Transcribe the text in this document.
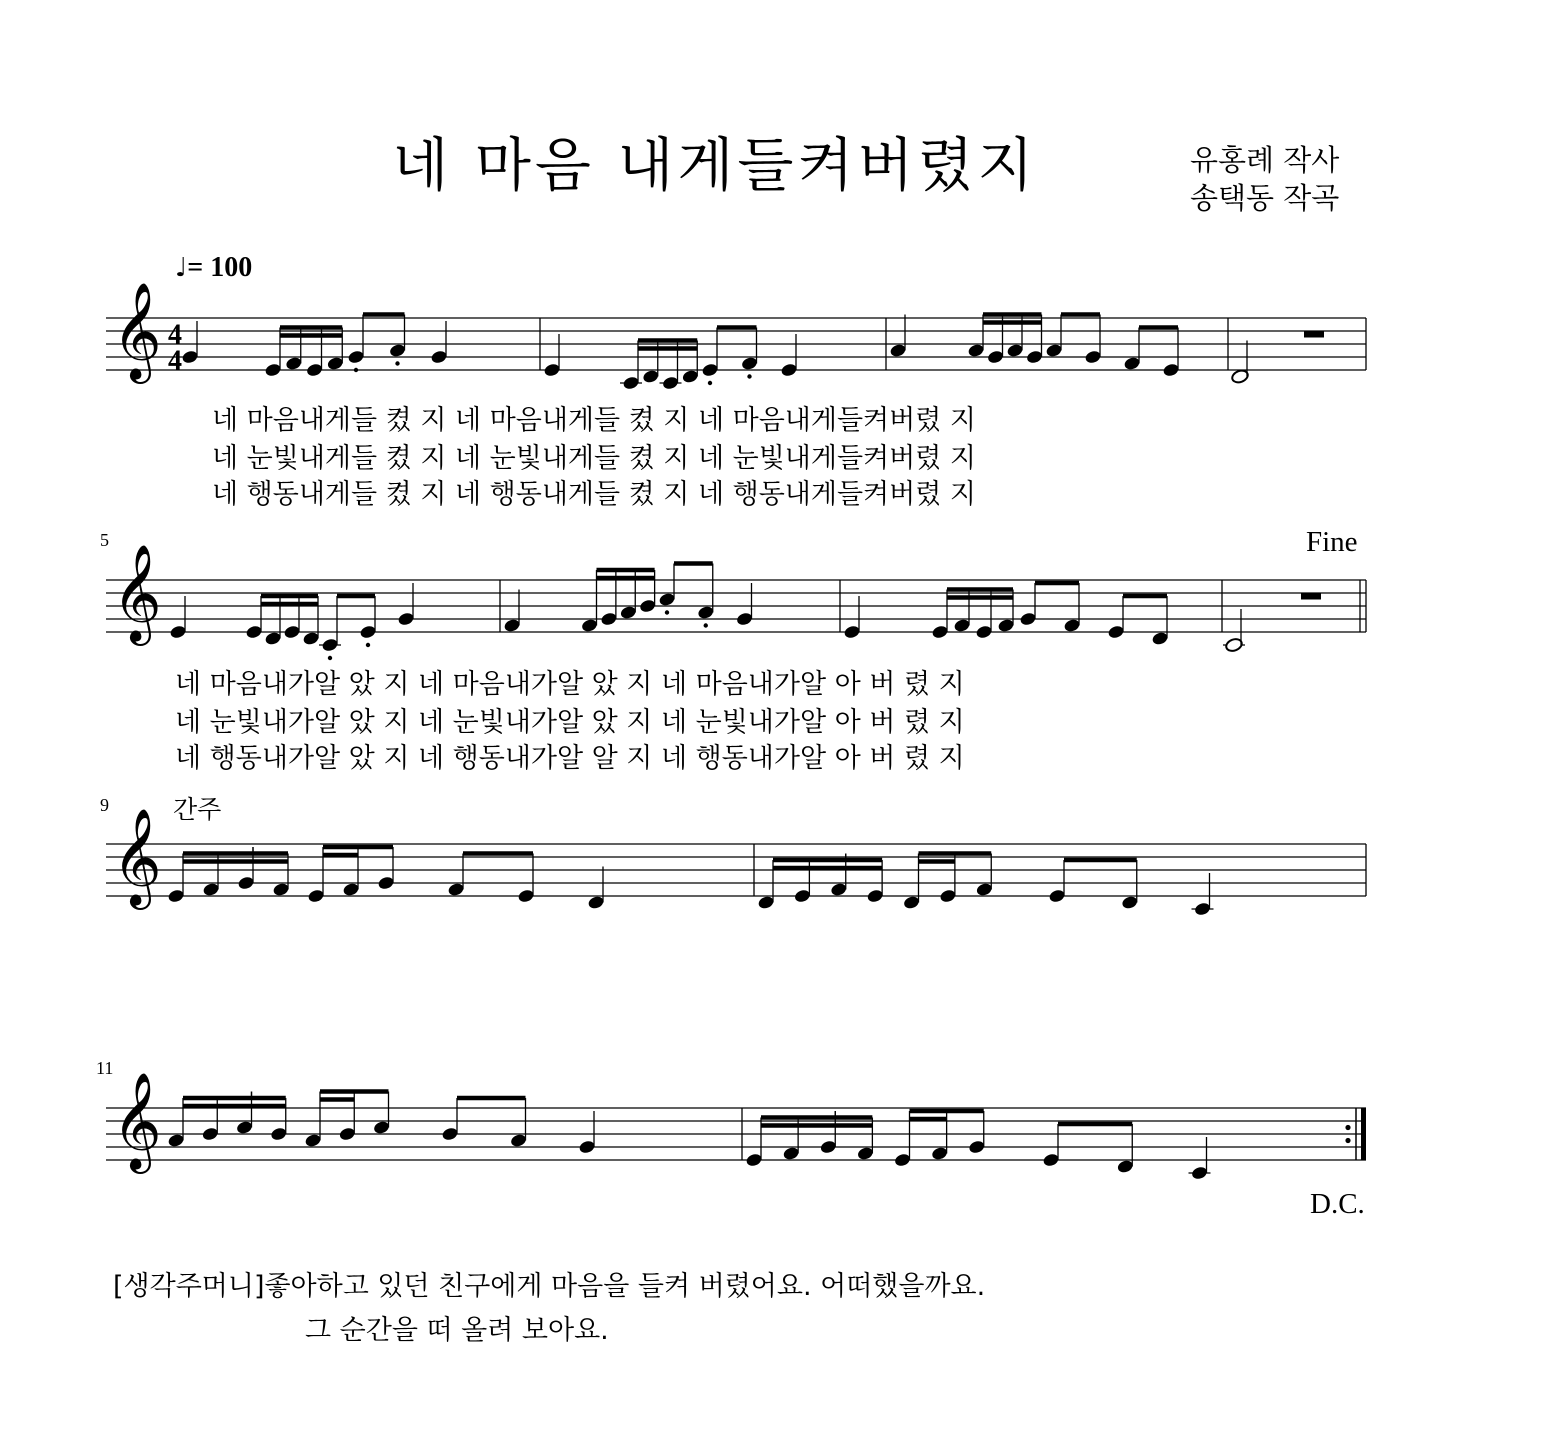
네 마음 내게들켜버렸지	유홍례 작사
송택동 작곡
♩= 100
5
9
11
Fine
D.C.
간주
네 마음내게들 켰 지 네 마음내게들 켰 지 네 마음내게들켜버렸 지
네 눈빛내게들 켰 지 네 눈빛내게들 켰 지 네 눈빛내게들켜버렸 지
네 행동내게들 켰 지 네 행동내게들 켰 지 네 행동내게들켜버렸 지
네 마음내가알 았 지 네 마음내가알 았 지 네 마음내가알 아 버 렸 지
네 눈빛내가알 았 지 네 눈빛내가알 았 지 네 눈빛내가알 아 버 렸 지
네 행동내가알 았 지 네 행동내가알 알 지 네 행동내가알 아 버 렸 지
[생각주머니]좋아하고 있던 친구에게 마음을 들켜 버렸어요. 어떠했을까요.
그 순간을 떠 올려 보아요.
𝄞 4
4
𝄞
𝄞
𝄞
